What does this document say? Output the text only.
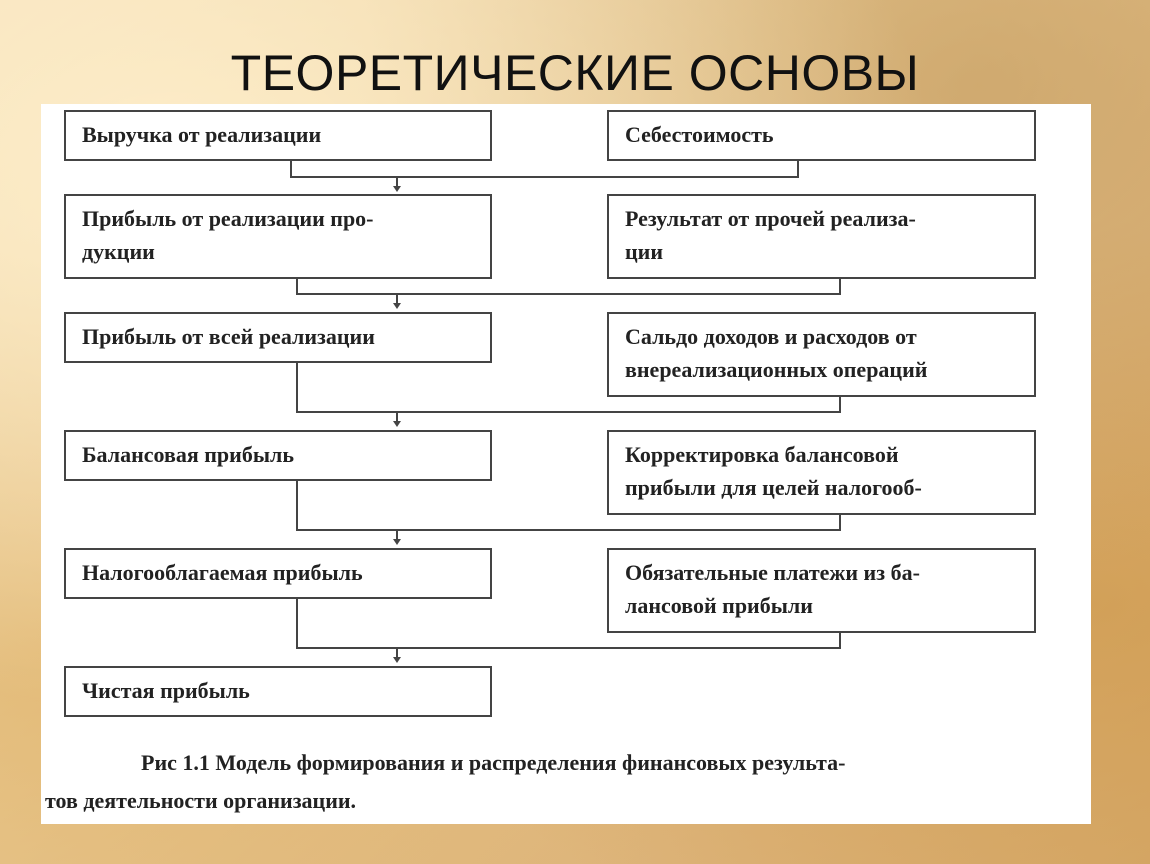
ТЕОРЕТИЧЕСКИЕ ОСНОВЫ
Выручка от реализации
Прибыль от реализации про-
дукции
Прибыль от всей реализации
Балансовая прибыль
Налогооблагаемая прибыль
Чистая прибыль
Себестоимость
Результат от прочей реализа-
ции
Сальдо доходов и расходов от
внереализационных операций
Корректировка балансовой
прибыли для целей налогооб-
Обязательные платежи из ба-
лансовой прибыли
Рис 1.1 Модель формирования и распределения финансовых результа-
тов деятельности организации.
